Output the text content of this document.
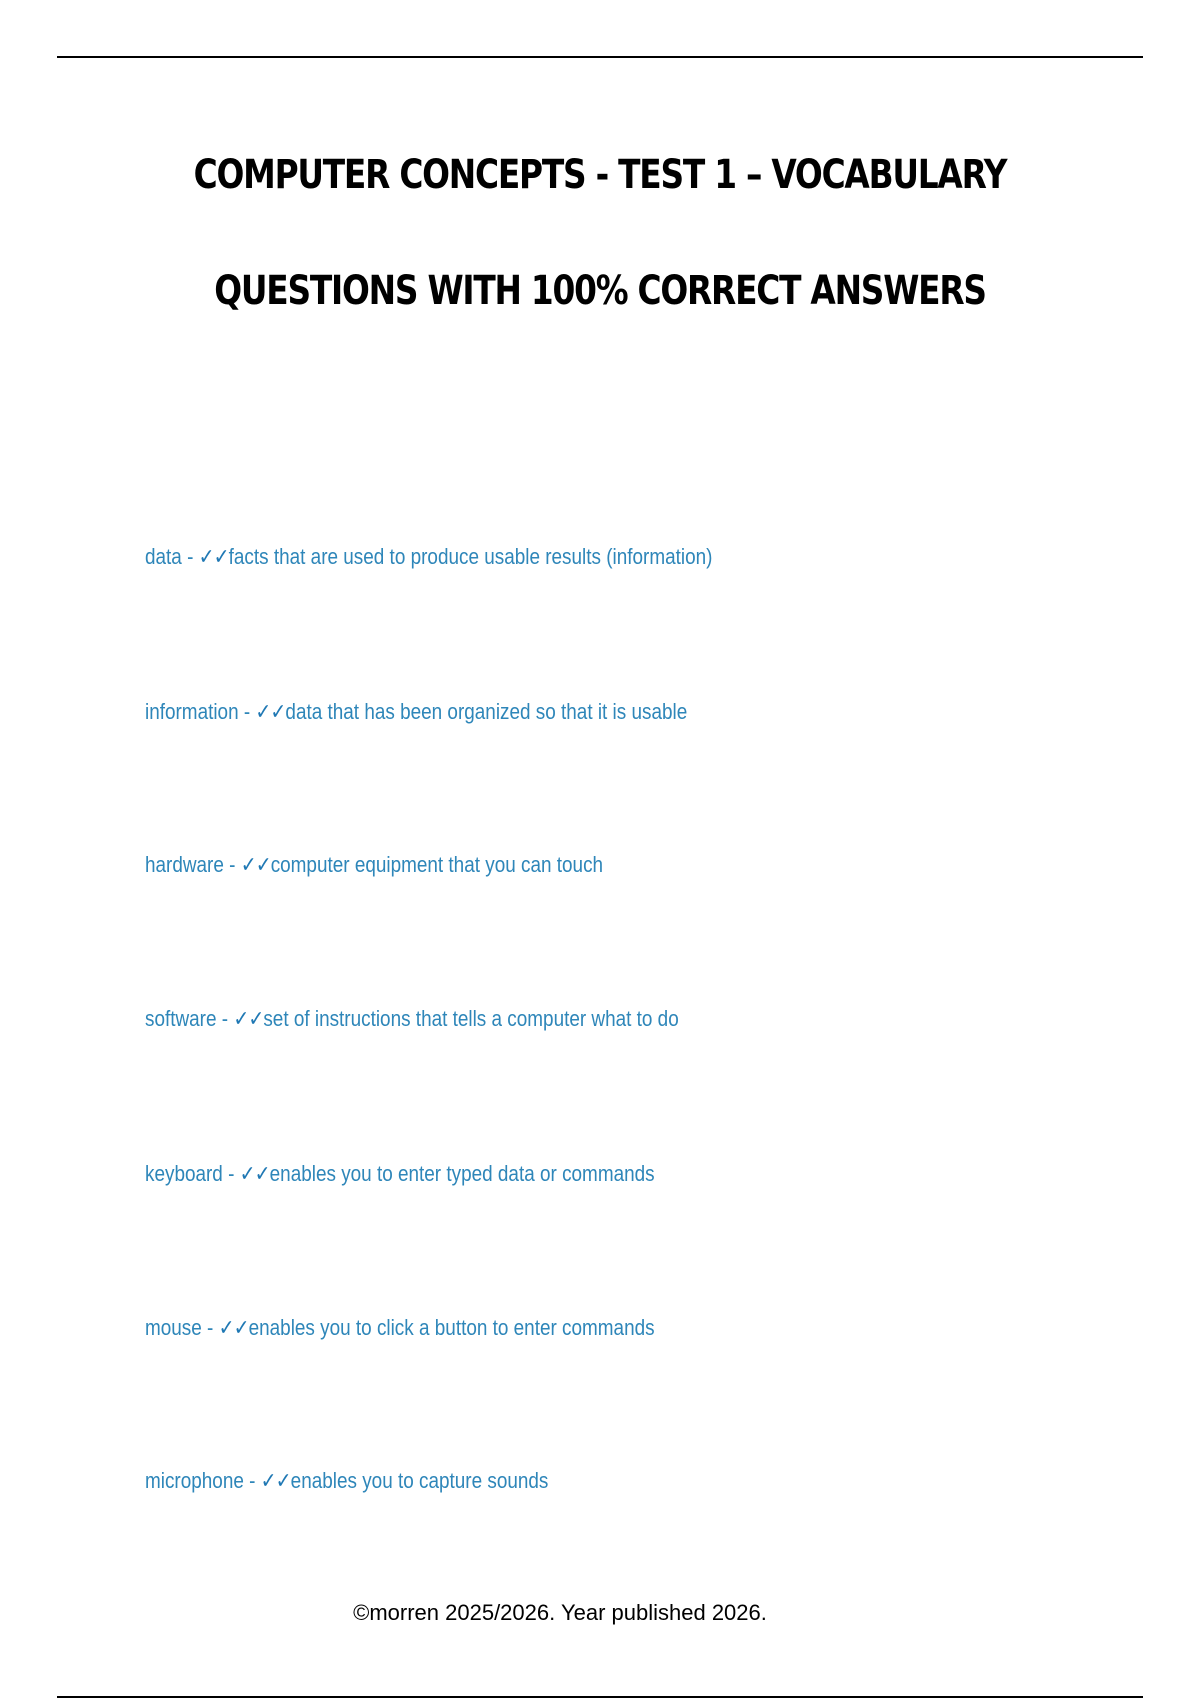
COMPUTER CONCEPTS - TEST 1 – VOCABULARY
QUESTIONS WITH 100% CORRECT ANSWERS
data - ✓✓facts that are used to produce usable results (information)
information - ✓✓data that has been organized so that it is usable
hardware - ✓✓computer equipment that you can touch
software - ✓✓set of instructions that tells a computer what to do
keyboard - ✓✓enables you to enter typed data or commands
mouse - ✓✓enables you to click a button to enter commands
microphone - ✓✓enables you to capture sounds
©morren 2025/2026. Year published 2026.
